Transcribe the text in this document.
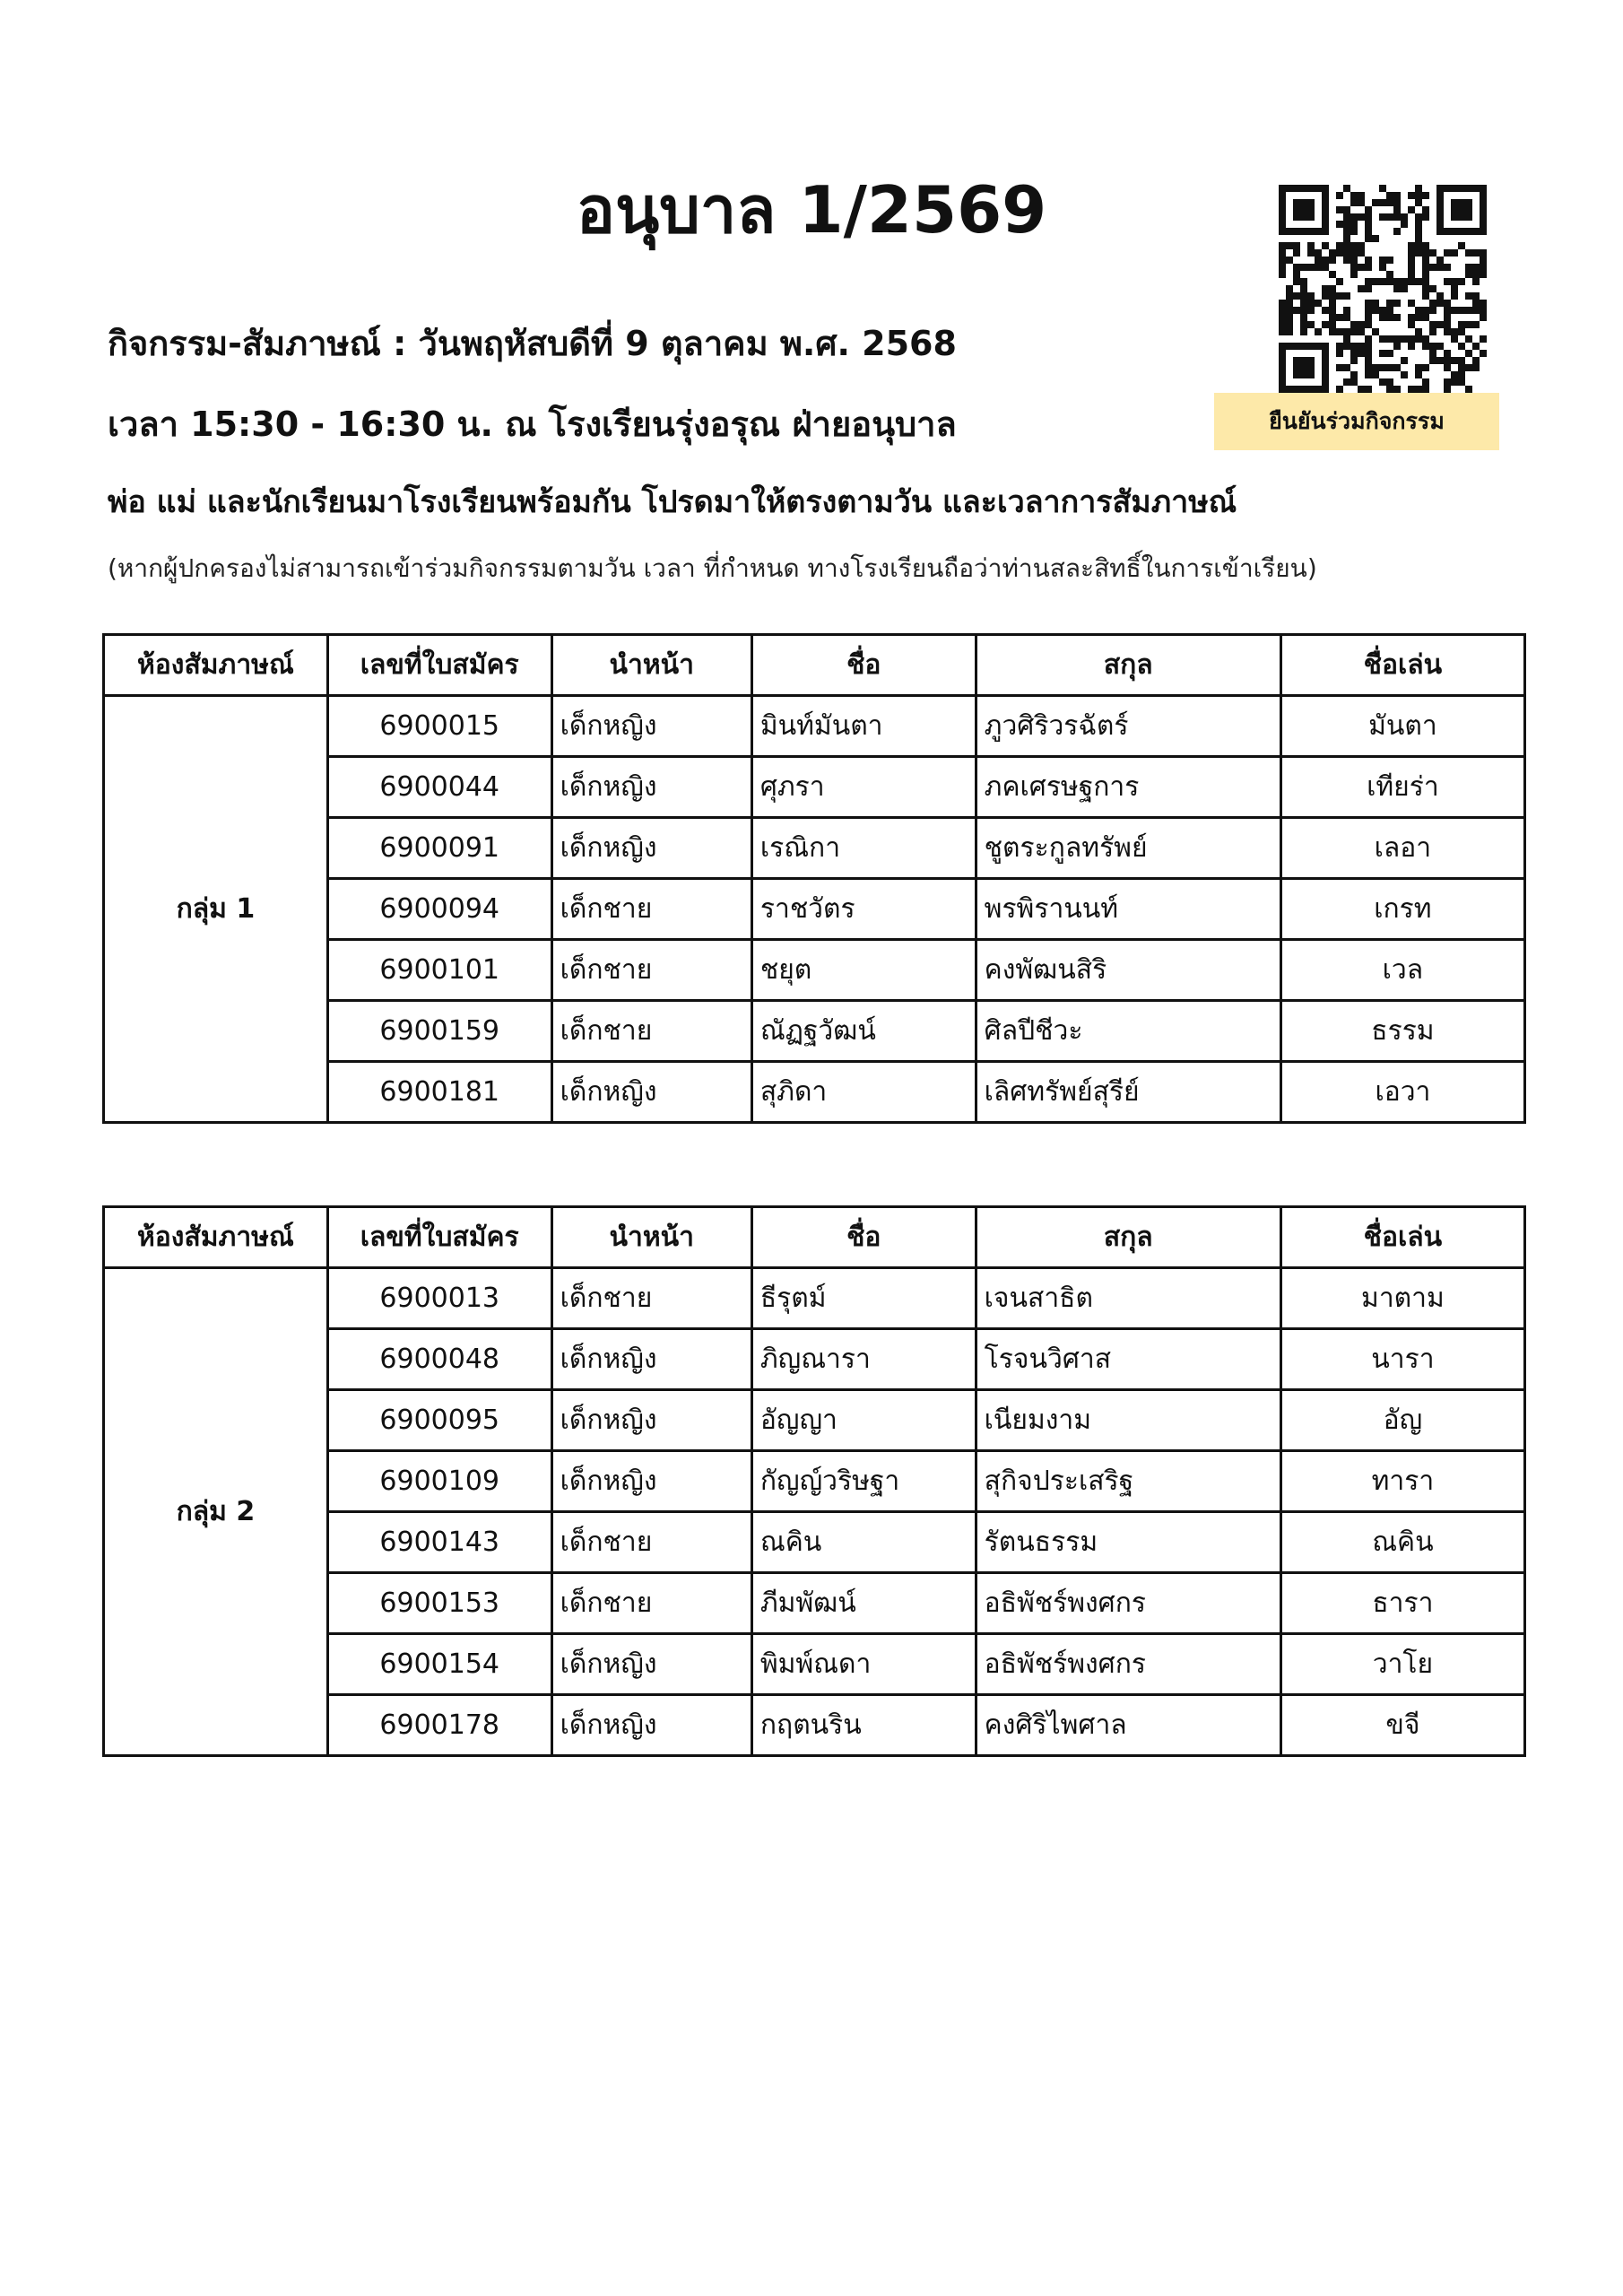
อนุบาล 1/2569
กิจกรรม-สัมภาษณ์ : วันพฤหัสบดีที่ 9 ตุลาคม พ.ศ. 2568
เวลา 15:30 - 16:30 น. ณ โรงเรียนรุ่งอรุณ ฝ่ายอนุบาล	ยืนยันร่วมกิจกรรม
พ่อ แม่ และนักเรียนมาโรงเรียนพร้อมกัน โปรดมาให้ตรงตามวัน และเวลาการสัมภาษณ์
(หากผู้ปกครองไม่สามารถเข้าร่วมกิจกรรมตามวัน เวลา ที่กำหนด ทางโรงเรียนถือว่าท่านสละสิทธิ์ในการเข้าเรียน)
ห้องสัมภาษณ์	เลขที่ใบสมัคร	นำหน้า	ชื่อ	สกุล	ชื่อเล่น
กลุ่ม 1	6900015	เด็กหญิง	มินท์มันตา	ภูวศิริวรฉัตร์	มันตา
	6900044	เด็กหญิง	ศุภรา	ภคเศรษฐการ	เทียร่า
	6900091	เด็กหญิง	เรณิกา	ชูตระกูลทรัพย์	เลอา
	6900094	เด็กชาย	ราชวัตร	พรพิรานนท์	เกรท
	6900101	เด็กชาย	ชยุต	คงพัฒนสิริ	เวล
	6900159	เด็กชาย	ณัฏฐวัฒน์	ศิลปีชีวะ	ธรรม
	6900181	เด็กหญิง	สุภิดา	เลิศทรัพย์สุรีย์	เอวา
ห้องสัมภาษณ์	เลขที่ใบสมัคร	นำหน้า	ชื่อ	สกุล	ชื่อเล่น
กลุ่ม 2	6900013	เด็กชาย	ธีรุตม์	เจนสาธิต	มาตาม
	6900048	เด็กหญิง	ภิญณารา	โรจนวิศาส	นารา
	6900095	เด็กหญิง	อัญญา	เนียมงาม	อัญ
	6900109	เด็กหญิง	กัญญ์วริษฐา	สุกิจประเสริฐ	ทารา
	6900143	เด็กชาย	ณคิน	รัตนธรรม	ณคิน
	6900153	เด็กชาย	ภีมพัฒน์	อธิพัชร์พงศกร	ธารา
	6900154	เด็กหญิง	พิมพ์ณดา	อธิพัชร์พงศกร	วาโย
	6900178	เด็กหญิง	กฤตนริน	คงศิริไพศาล	ขจี
